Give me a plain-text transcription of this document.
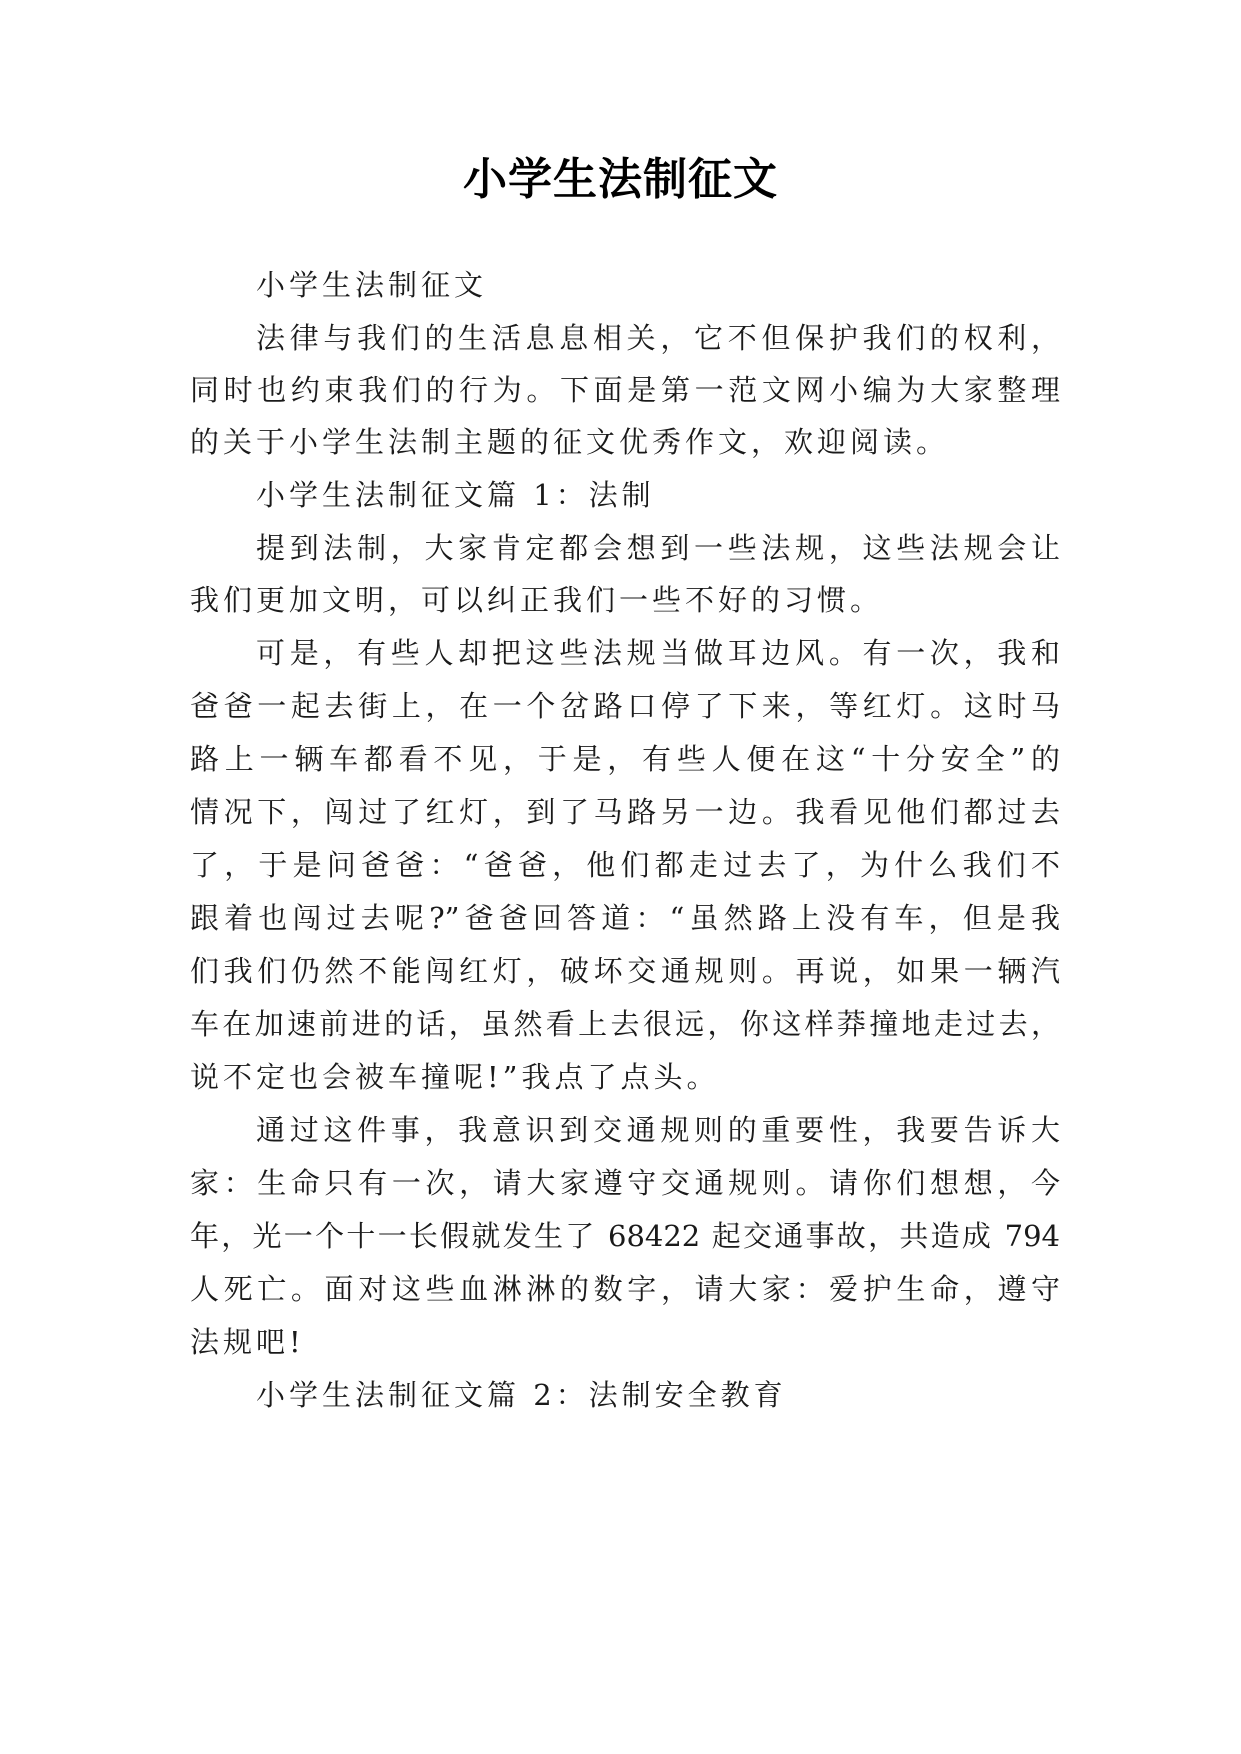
小学生法制征文
小学生法制征文
法律与我们的生活息息相关，它不但保护我们的权利，
同时也约束我们的行为。下面是第一范文网小编为大家整理
的关于小学生法制主题的征文优秀作文，欢迎阅读。
小学生法制征文篇 1：法制
提到法制，大家肯定都会想到一些法规，这些法规会让
我们更加文明，可以纠正我们一些不好的习惯。
可是，有些人却把这些法规当做耳边风。有一次，我和
爸爸一起去街上，在一个岔路口停了下来，等红灯。这时马
路上一辆车都看不见，于是，有些人便在这“十分安全”的
情况下，闯过了红灯，到了马路另一边。我看见他们都过去
了，于是问爸爸：“爸爸，他们都走过去了，为什么我们不
跟着也闯过去呢?”爸爸回答道：“虽然路上没有车，但是我
们我们仍然不能闯红灯，破坏交通规则。再说，如果一辆汽
车在加速前进的话，虽然看上去很远，你这样莽撞地走过去，
说不定也会被车撞呢!”我点了点头。
通过这件事，我意识到交通规则的重要性，我要告诉大
家：生命只有一次，请大家遵守交通规则。请你们想想，今
年，光一个十一长假就发生了 68422 起交通事故，共造成 794
人死亡。面对这些血淋淋的数字，请大家：爱护生命，遵守
法规吧!
小学生法制征文篇 2：法制安全教育
